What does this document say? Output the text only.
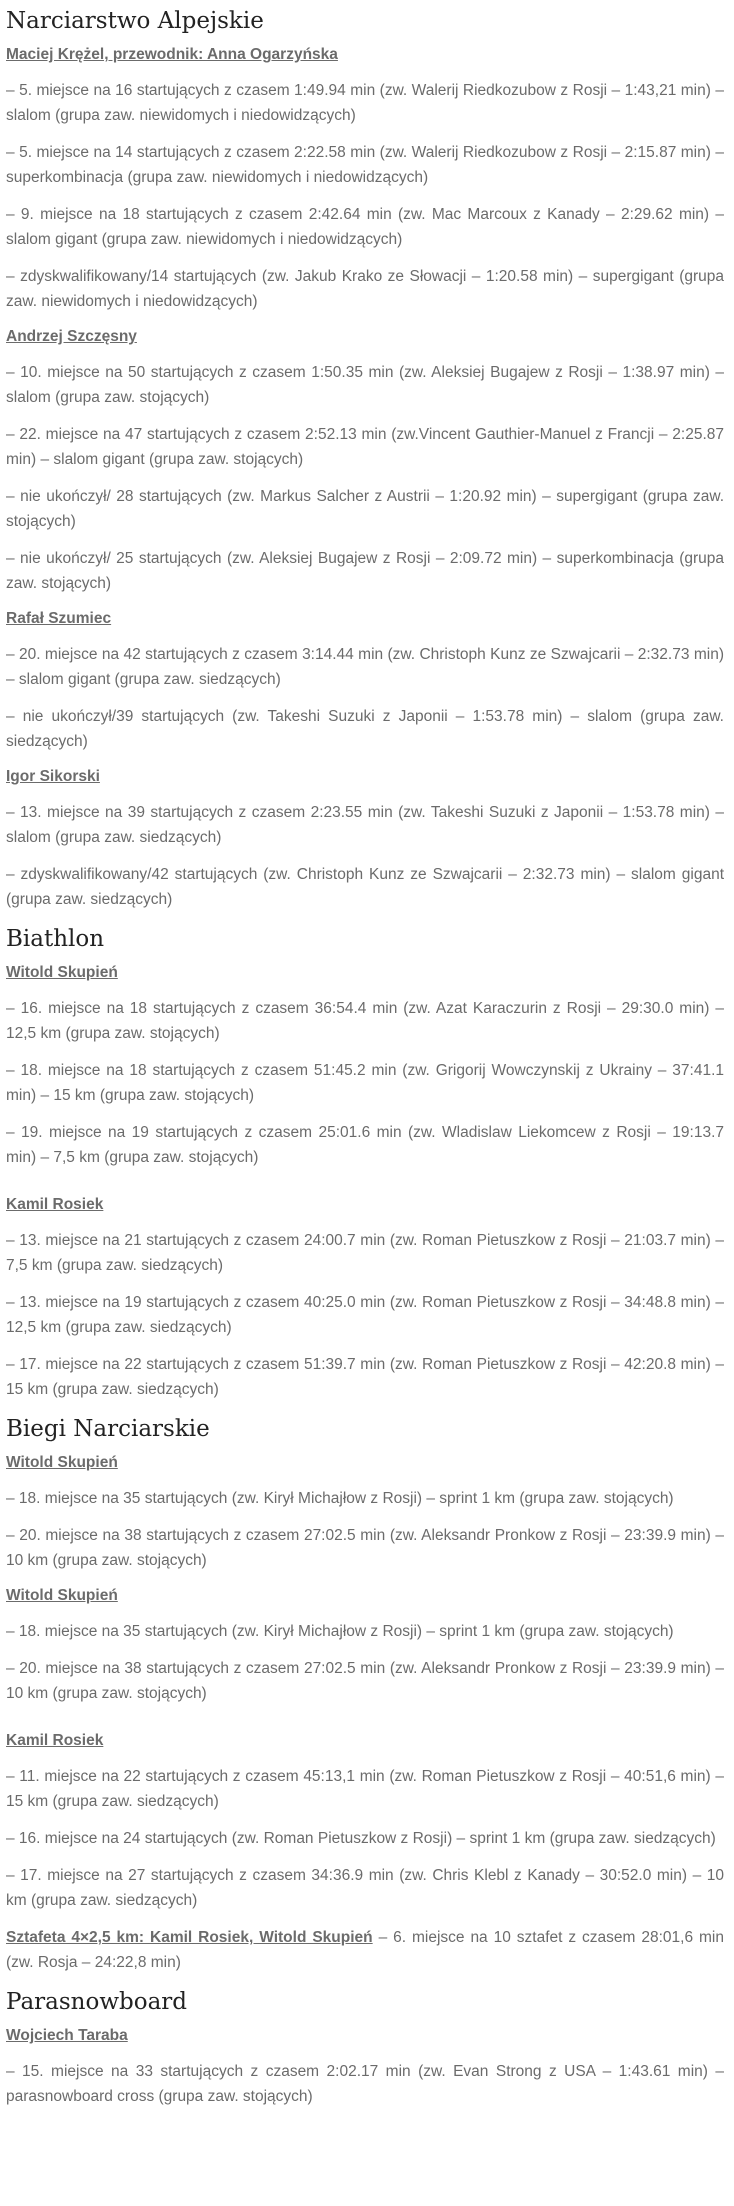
Narciarstwo Alpejskie
Maciej Krężel, przewodnik: Anna Ogarzyńska

– 5. miejsce na 16 startujących z czasem 1:49.94 min (zw. Walerij Riedkozubow z Rosji – 1:43,21 min) – slalom (grupa zaw. niewidomych i niedowidzących)

– 5. miejsce na 14 startujących z czasem 2:22.58 min (zw. Walerij Riedkozubow z Rosji – 2:15.87 min) – superkombinacja (grupa zaw. niewidomych i niedowidzących)

– 9. miejsce na 18 startujących z czasem 2:42.64 min (zw. Mac Marcoux z Kanady – 2:29.62 min) – slalom gigant (grupa zaw. niewidomych i niedowidzących)

– zdyskwalifikowany/14 startujących (zw. Jakub Krako ze Słowacji – 1:20.58 min) – supergigant (grupa zaw. niewidomych i niedowidzących)

Andrzej Szczęsny

– 10. miejsce na 50 startujących z czasem 1:50.35 min (zw. Aleksiej Bugajew z Rosji – 1:38.97 min) – slalom (grupa zaw. stojących)

– 22. miejsce na 47 startujących z czasem 2:52.13 min (zw.Vincent Gauthier-Manuel z Francji – 2:25.87 min) – slalom gigant (grupa zaw. stojących)

– nie ukończył/ 28 startujących (zw. Markus Salcher z Austrii – 1:20.92 min) – supergigant (grupa zaw. stojących)

– nie ukończył/ 25 startujących (zw. Aleksiej Bugajew z Rosji – 2:09.72 min) – superkombinacja (grupa zaw. stojących)

Rafał Szumiec

– 20. miejsce na 42 startujących z czasem 3:14.44 min (zw. Christoph Kunz ze Szwajcarii – 2:32.73 min) – slalom gigant (grupa zaw. siedzących)

– nie ukończył/39 startujących (zw. Takeshi Suzuki z Japonii – 1:53.78 min) – slalom (grupa zaw. siedzących)

Igor Sikorski

– 13. miejsce na 39 startujących z czasem 2:23.55 min (zw. Takeshi Suzuki z Japonii – 1:53.78 min) – slalom (grupa zaw. siedzących)

– zdyskwalifikowany/42 startujących (zw. Christoph Kunz ze Szwajcarii – 2:32.73 min) – slalom gigant (grupa zaw. siedzących)

Biathlon
Witold Skupień

– 16. miejsce na 18 startujących z czasem 36:54.4 min (zw. Azat Karaczurin z Rosji – 29:30.0 min) – 12,5 km (grupa zaw. stojących)

– 18. miejsce na 18 startujących z czasem 51:45.2 min (zw. Grigorij Wowczynskij z Ukrainy – 37:41.1 min) – 15 km (grupa zaw. stojących)

– 19. miejsce na 19 startujących z czasem 25:01.6 min (zw. Wladislaw Liekomcew z Rosji – 19:13.7 min) – 7,5 km (grupa zaw. stojących)

Kamil Rosiek

– 13. miejsce na 21 startujących z czasem 24:00.7 min (zw. Roman Pietuszkow z Rosji – 21:03.7 min) – 7,5 km (grupa zaw. siedzących)

– 13. miejsce na 19 startujących z czasem 40:25.0 min (zw. Roman Pietuszkow z Rosji – 34:48.8 min) – 12,5 km (grupa zaw. siedzących)

– 17. miejsce na 22 startujących z czasem 51:39.7 min (zw. Roman Pietuszkow z Rosji – 42:20.8 min) – 15 km (grupa zaw. siedzących)

Biegi Narciarskie
Witold Skupień

– 18. miejsce na 35 startujących (zw. Kirył Michajłow z Rosji) – sprint 1 km (grupa zaw. stojących)

– 20. miejsce na 38 startujących z czasem 27:02.5 min (zw. Aleksandr Pronkow z Rosji – 23:39.9 min) – 10 km (grupa zaw. stojących)

Witold Skupień

– 18. miejsce na 35 startujących (zw. Kirył Michajłow z Rosji) – sprint 1 km (grupa zaw. stojących)

– 20. miejsce na 38 startujących z czasem 27:02.5 min (zw. Aleksandr Pronkow z Rosji – 23:39.9 min) – 10 km (grupa zaw. stojących)

Kamil Rosiek

– 11. miejsce na 22 startujących z czasem 45:13,1 min (zw. Roman Pietuszkow z Rosji – 40:51,6 min) – 15 km (grupa zaw. siedzących)

– 16. miejsce na 24 startujących (zw. Roman Pietuszkow z Rosji) – sprint 1 km (grupa zaw. siedzących)

– 17. miejsce na 27 startujących z czasem 34:36.9 min (zw. Chris Klebl z Kanady – 30:52.0 min) – 10 km (grupa zaw. siedzących)

Sztafeta 4×2,5 km: Kamil Rosiek, Witold Skupień – 6. miejsce na 10 sztafet z czasem 28:01,6 min (zw. Rosja – 24:22,8 min)

Parasnowboard
Wojciech Taraba

– 15. miejsce na 33 startujących z czasem 2:02.17 min (zw. Evan Strong z USA – 1:43.61 min) – parasnowboard cross (grupa zaw. stojących)
